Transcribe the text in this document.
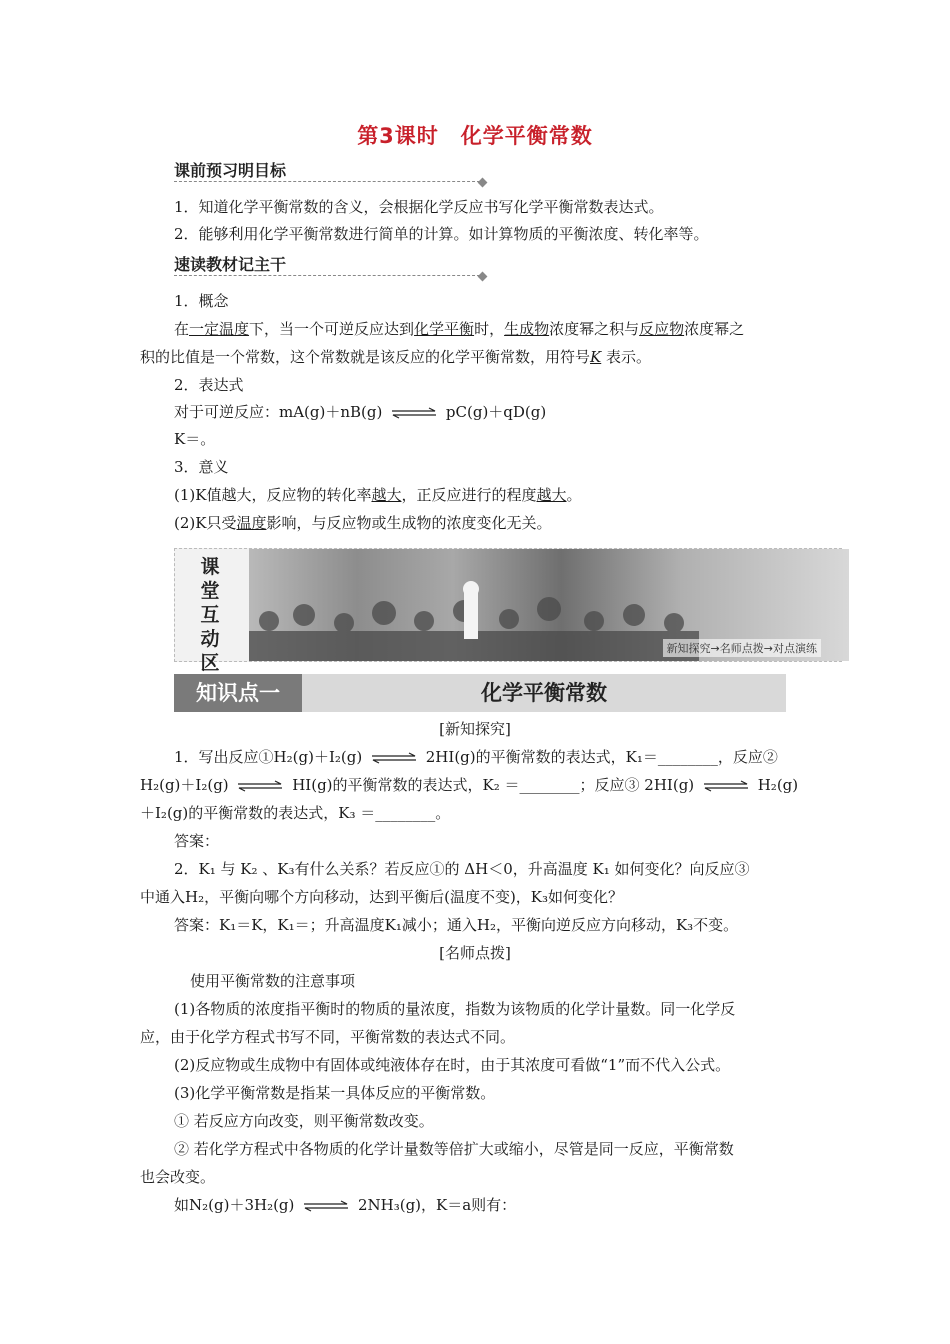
第3课时　化学平衡常数
课前预习明目标
1．知道化学平衡常数的含义，会根据化学反应书写化学平衡常数表达式。
2．能够利用化学平衡常数进行简单的计算。如计算物质的平衡浓度、转化率等。
速读教材记主干
1．概念
在一定温度下，当一个可逆反应达到化学平衡时，生成物浓度幂之积与反应物浓度幂之
积的比值是一个常数，这个常数就是该反应的化学平衡常数，用符号K 表示。
2．表达式
对于可逆反应：mA(g)＋nB(g) ⇌ pC(g)＋qD(g)
K＝。
3．意义
(1)K值越大，反应物的转化率越大，正反应进行的程度越大。
(2)K只受温度影响，与反应物或生成物的浓度变化无关。
课
堂
互
动
区
新知探究→名师点拨→对点演练
知识点一	化学平衡常数
[新知探究]
1．写出反应①H₂(g)＋I₂(g) ⇌ 2HI(g)的平衡常数的表达式，K₁＝________，反应②
H₂(g)＋I₂(g) ⇌ HI(g)的平衡常数的表达式，K₂ ＝________；反应③ 2HI(g) ⇌ H₂(g)
＋I₂(g)的平衡常数的表达式，K₃ ＝________。
答案：
2．K₁ 与 K₂ 、K₃有什么关系？若反应①的 ΔH＜0，升高温度 K₁ 如何变化？向反应③
中通入H₂，平衡向哪个方向移动，达到平衡后(温度不变)，K₃如何变化？
答案：K₁＝K，K₁＝；升高温度K₁减小；通入H₂，平衡向逆反应方向移动，K₃不变。
[名师点拨]
使用平衡常数的注意事项
(1)各物质的浓度指平衡时的物质的量浓度，指数为该物质的化学计量数。同一化学反
应，由于化学方程式书写不同，平衡常数的表达式不同。
(2)反应物或生成物中有固体或纯液体存在时，由于其浓度可看做“1”而不代入公式。
(3)化学平衡常数是指某一具体反应的平衡常数。
① 若反应方向改变，则平衡常数改变。
② 若化学方程式中各物质的化学计量数等倍扩大或缩小，尽管是同一反应，平衡常数
也会改变。
如N₂(g)＋3H₂(g) ⇌ 2NH₃(g)，K＝a则有：
